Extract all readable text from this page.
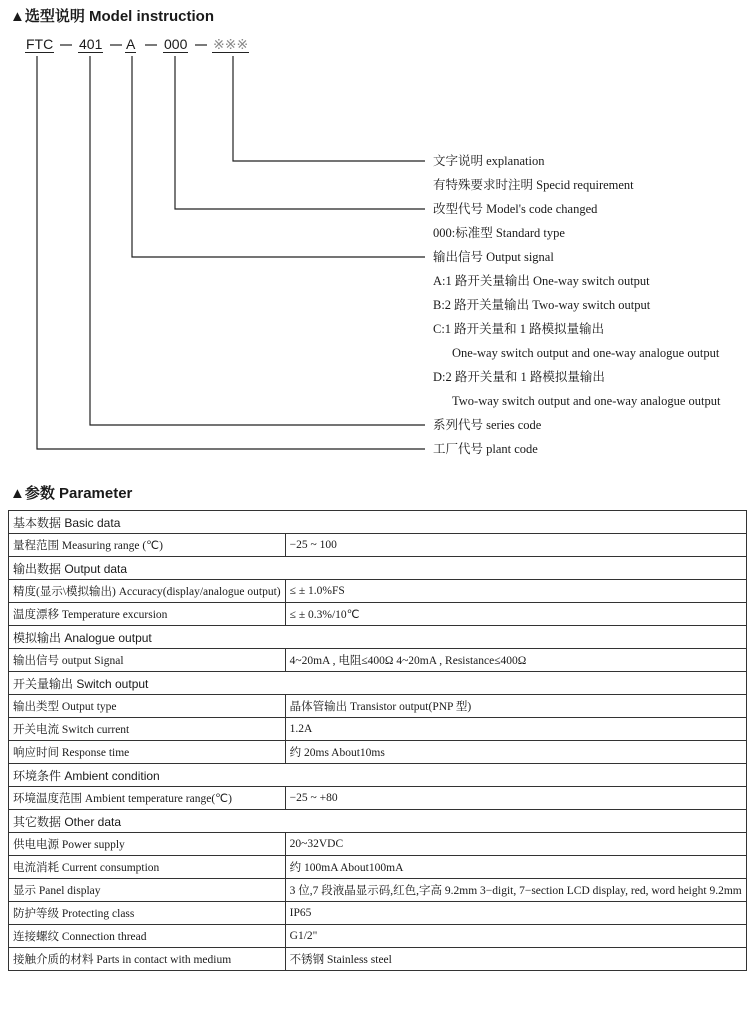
▲选型说明 Model instruction
FTC 401 A 000 ※※※
文字说明 explanation
有特殊要求时注明 Specid requirement
改型代号 Model's code changed
000:标准型 Standard type
输出信号 Output signal
A:1 路开关量输出 One-way switch output
B:2 路开关量输出 Two-way switch output
C:1 路开关量和 1 路模拟量输出
One-way switch output and one-way analogue output
D:2 路开关量和 1 路模拟量输出
Two-way switch output and one-way analogue output
系列代号 series code
工厂代号 plant code
▲参数 Parameter
基本数据 Basic data	
量程范围 Measuring range (℃)	−25 ~ 100
输出数据 Output data	
精度(显示\模拟输出) Accuracy(display/analogue output)	≤ ± 1.0%FS
温度漂移 Temperature excursion	≤ ± 0.3%/10℃
模拟输出 Analogue output	
输出信号 output Signal	4~20mA , 电阻≤400Ω 4~20mA , Resistance≤400Ω
开关量输出 Switch output	
输出类型 Output type	晶体管输出 Transistor output(PNP 型)
开关电流 Switch current	1.2A
响应时间 Response time	约 20ms About10ms
环境条件 Ambient condition	
环境温度范围 Ambient temperature range(℃)	−25 ~ +80
其它数据 Other data	
供电电源 Power supply	20~32VDC
电流消耗 Current consumption	约 100mA About100mA
显示 Panel display	3 位,7 段液晶显示码,红色,字高 9.2mm 3−digit, 7−section LCD display, red, word height 9.2mm
防护等级 Protecting class	IP65
连接螺纹 Connection thread	G1/2"
接触介质的材料 Parts in contact with medium	不锈钢 Stainless steel
